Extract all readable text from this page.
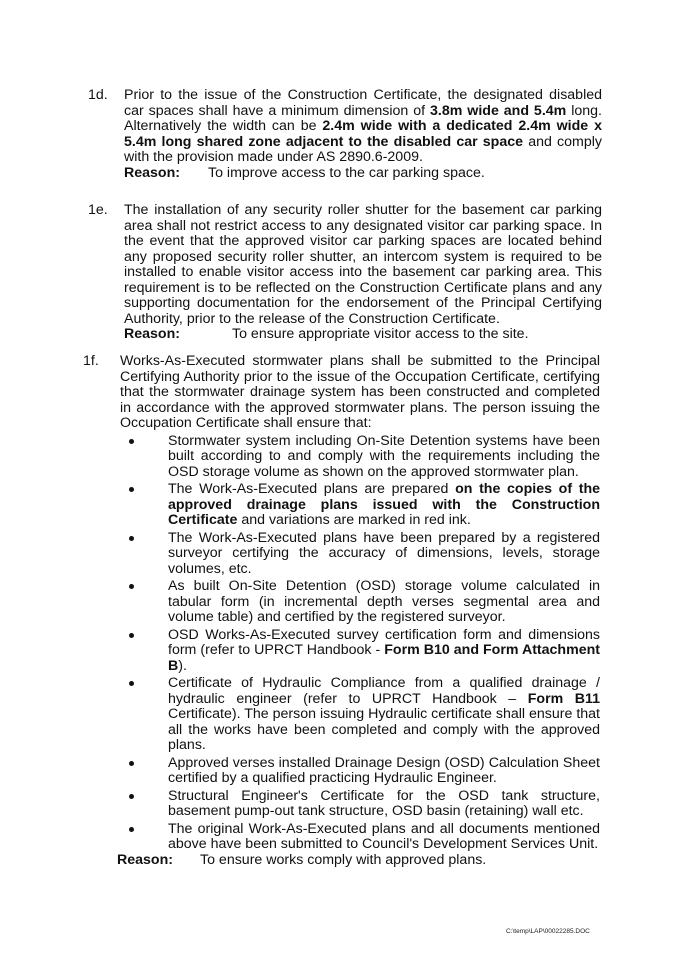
1d. Prior to the issue of the Construction Certificate, the designated disabled car spaces shall have a minimum dimension of 3.8m wide and 5.4m long. Alternatively the width can be 2.4m wide with a dedicated 2.4m wide x 5.4m long shared zone adjacent to the disabled car space and comply with the provision made under AS 2890.6-2009.

Reason: To improve access to the car parking space.
1e. The installation of any security roller shutter for the basement car parking area shall not restrict access to any designated visitor car parking space. In the event that the approved visitor car parking spaces are located behind any proposed security roller shutter, an intercom system is required to be installed to enable visitor access into the basement car parking area. This requirement is to be reflected on the Construction Certificate plans and any supporting documentation for the endorsement of the Principal Certifying Authority, prior to the release of the Construction Certificate.

Reason:	To ensure appropriate visitor access to the site.
1f. Works-As-Executed stormwater plans shall be submitted to the Principal Certifying Authority prior to the issue of the Occupation Certificate, certifying that the stormwater drainage system has been constructed and completed in accordance with the approved stormwater plans. The person issuing the Occupation Certificate shall ensure that:

Stormwater system including On-Site Detention systems have been built according to and comply with the requirements including the OSD storage volume as shown on the approved stormwater plan.
The Work-As-Executed plans are prepared on the copies of the approved drainage plans issued with the Construction Certificate and variations are marked in red ink.
The Work-As-Executed plans have been prepared by a registered surveyor certifying the accuracy of dimensions, levels, storage volumes, etc.
As built On-Site Detention (OSD) storage volume calculated in tabular form (in incremental depth verses segmental area and volume table) and certified by the registered surveyor.
OSD Works-As-Executed survey certification form and dimensions form (refer to UPRCT Handbook - Form B10 and Form Attachment B).
Certificate of Hydraulic Compliance from a qualified drainage / hydraulic engineer (refer to UPRCT Handbook – Form B11 Certificate). The person issuing Hydraulic certificate shall ensure that all the works have been completed and comply with the approved plans.
Approved verses installed Drainage Design (OSD) Calculation Sheet certified by a qualified practicing Hydraulic Engineer.
Structural Engineer's Certificate for the OSD tank structure, basement pump-out tank structure, OSD basin (retaining) wall etc.
The original Work-As-Executed plans and all documents mentioned above have been submitted to Council's Development Services Unit.
Reason: To ensure works comply with approved plans.
C:\temp\LAP\00022285.DOC
